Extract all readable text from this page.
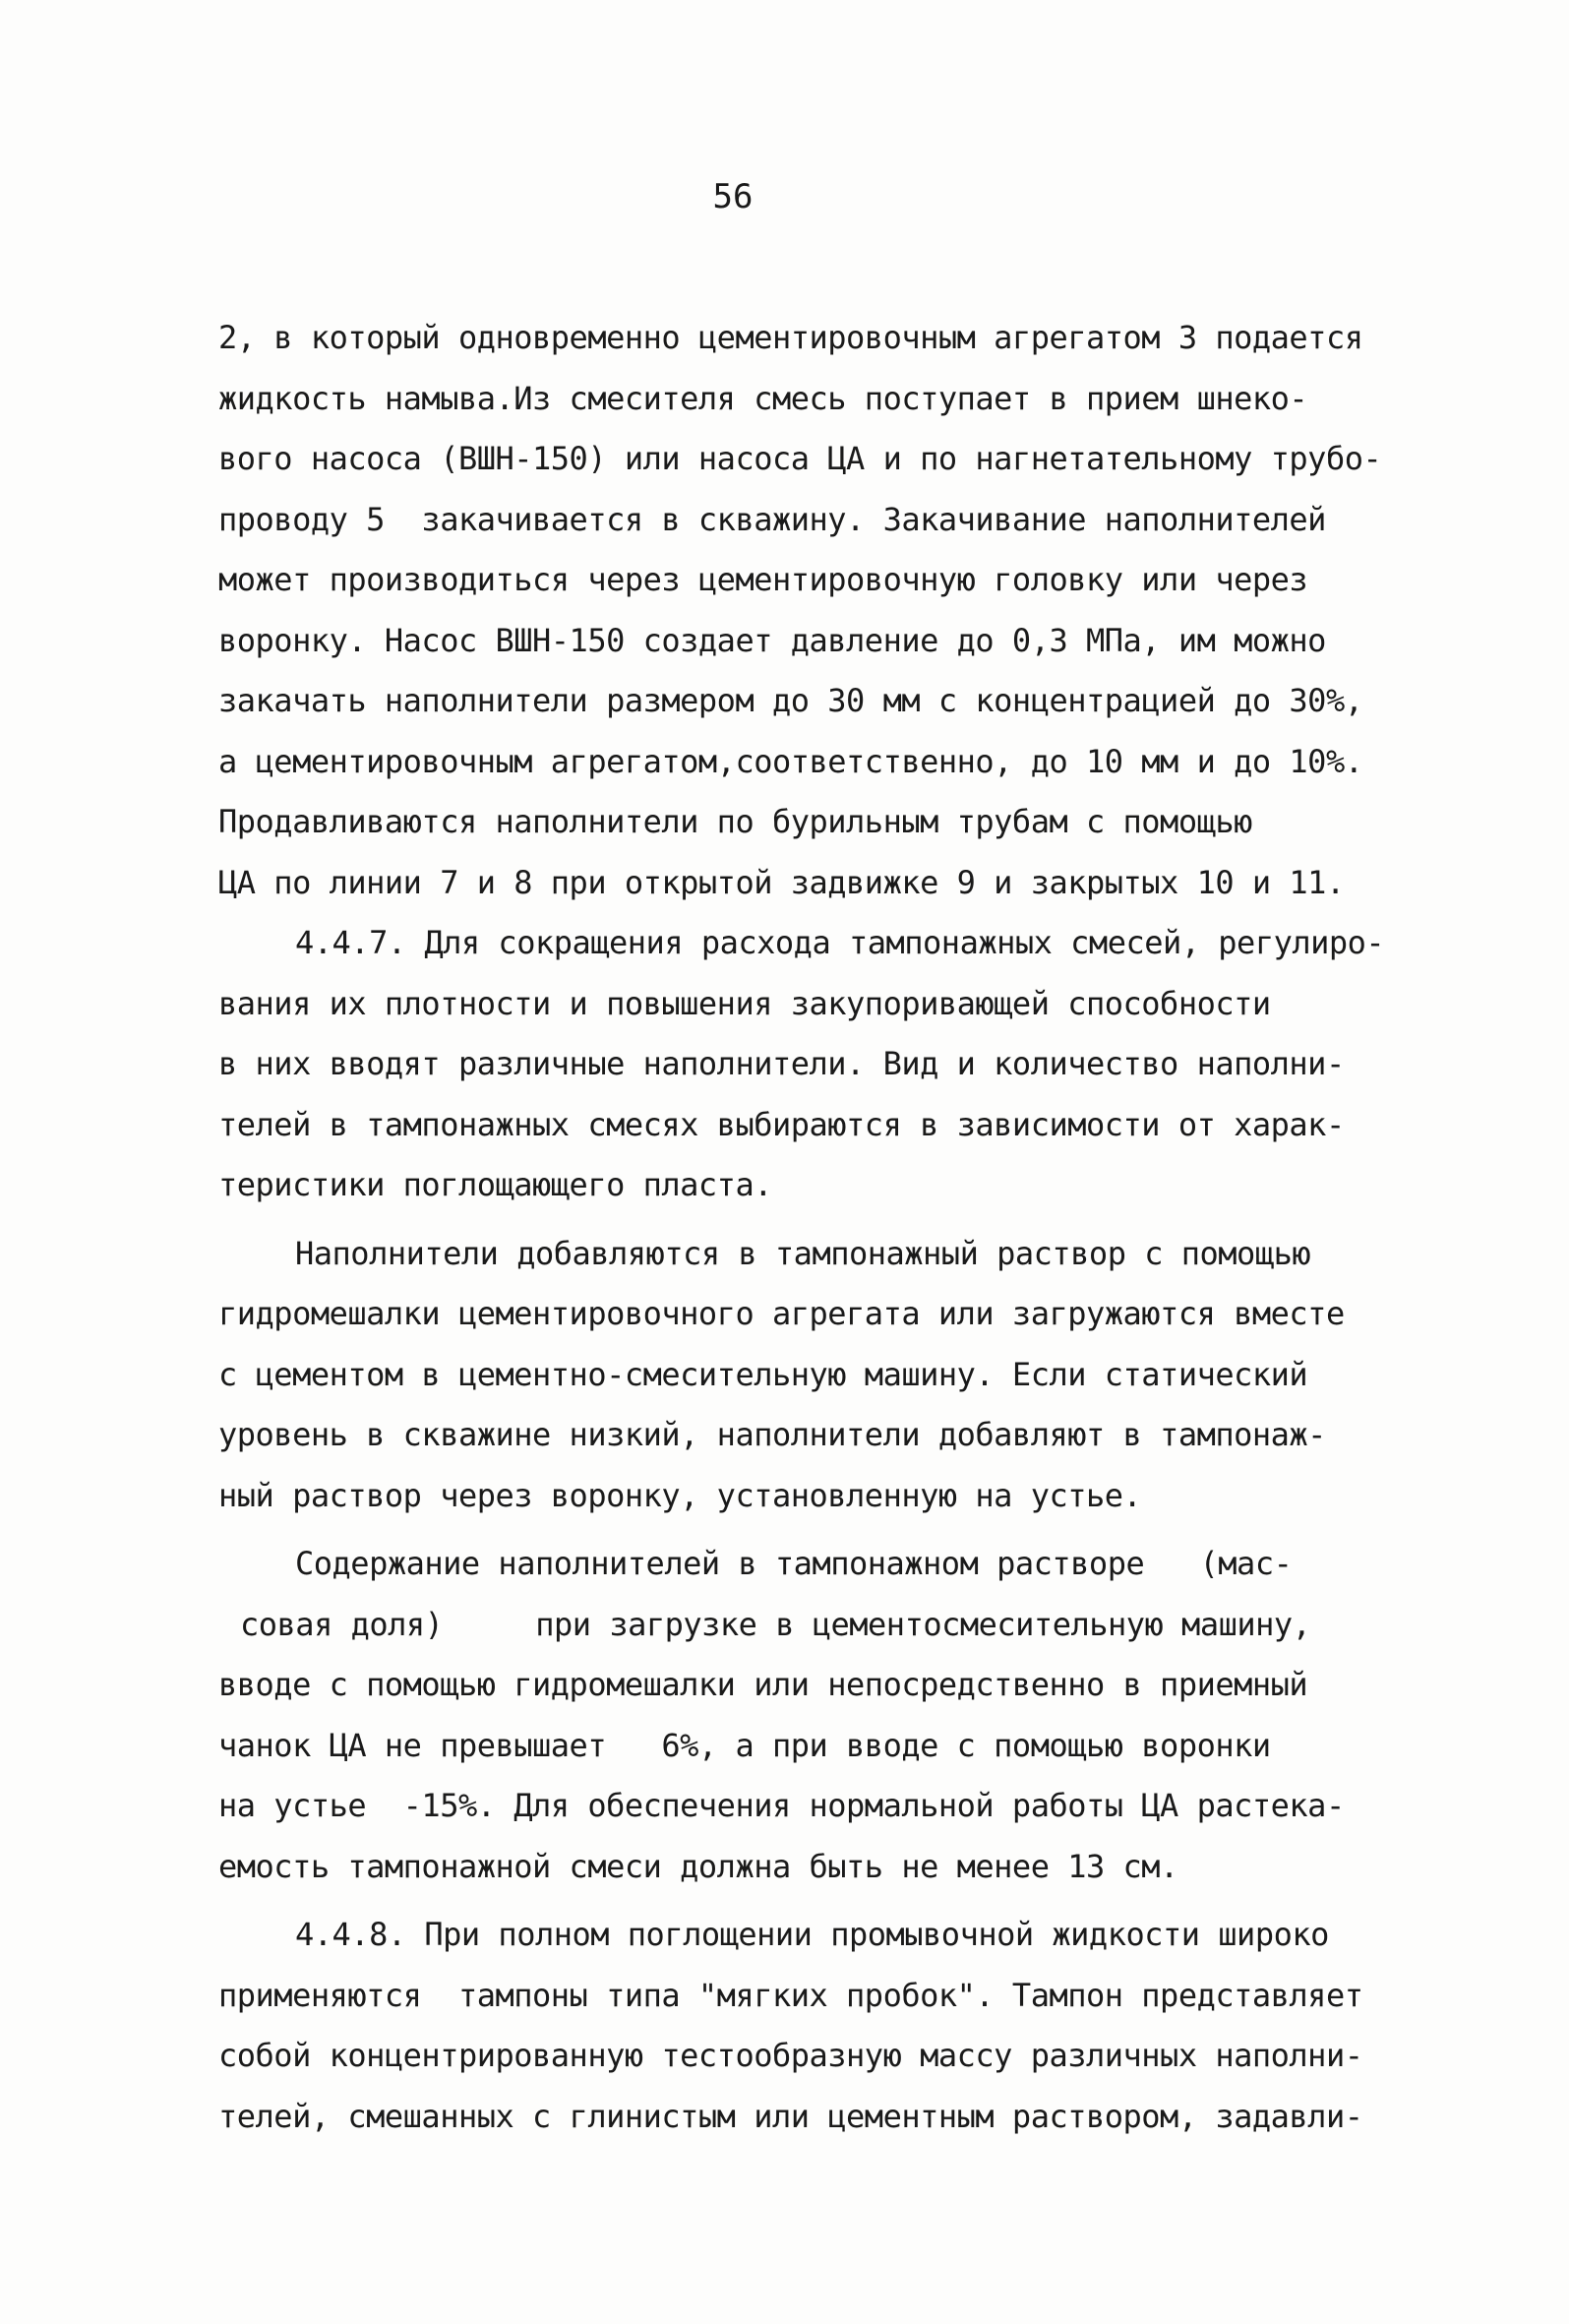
56
2, в который одновременно цементировочным агрегатом 3 подается
жидкость намыва.Из смесителя смесь поступает в прием шнеко-
вого насоса (ВШН-150) или насоса ЦА и по нагнетательному трубо-
проводу 5  закачивается в скважину. Закачивание наполнителей
может производиться через цементировочную головку или через
воронку. Насос ВШН-150 создает давление до 0,3 МПа, им можно
закачать наполнители размером до 30 мм с концентрацией до 30%,
а цементировочным агрегатом,соответственно, до 10 мм и до 10%.
Продавливаются наполнители по бурильным трубам с помощью
ЦА по линии 7 и 8 при открытой задвижке 9 и закрытых 10 и 11.
4.4.7. Для сокращения расхода тампонажных смесей, регулиро-
вания их плотности и повышения закупоривающей способности
в них вводят различные наполнители. Вид и количество наполни-
телей в тампонажных смесях выбираются в зависимости от харак-
теристики поглощающего пласта.
Наполнители добавляются в тампонажный раствор с помощью
гидромешалки цементировочного агрегата или загружаются вместе
с цементом в цементно-смесительную машину. Если статический
уровень в скважине низкий, наполнители добавляют в тампонаж-
ный раствор через воронку, установленную на устье.
Содержание наполнителей в тампонажном растворе   (мас-
совая доля)     при загрузке в цементосмесительную машину,
вводе с помощью гидромешалки или непосредственно в приемный
чанок ЦА не превышает   6%, а при вводе с помощью воронки
на устье  -15%. Для обеспечения нормальной работы ЦА растека-
емость тампонажной смеси должна быть не менее 13 см.
4.4.8. При полном поглощении промывочной жидкости широко
применяются  тампоны типа "мягких пробок". Тампон представляет
собой концентрированную тестообразную массу различных наполни-
телей, смешанных с глинистым или цементным раствором, задавли-
